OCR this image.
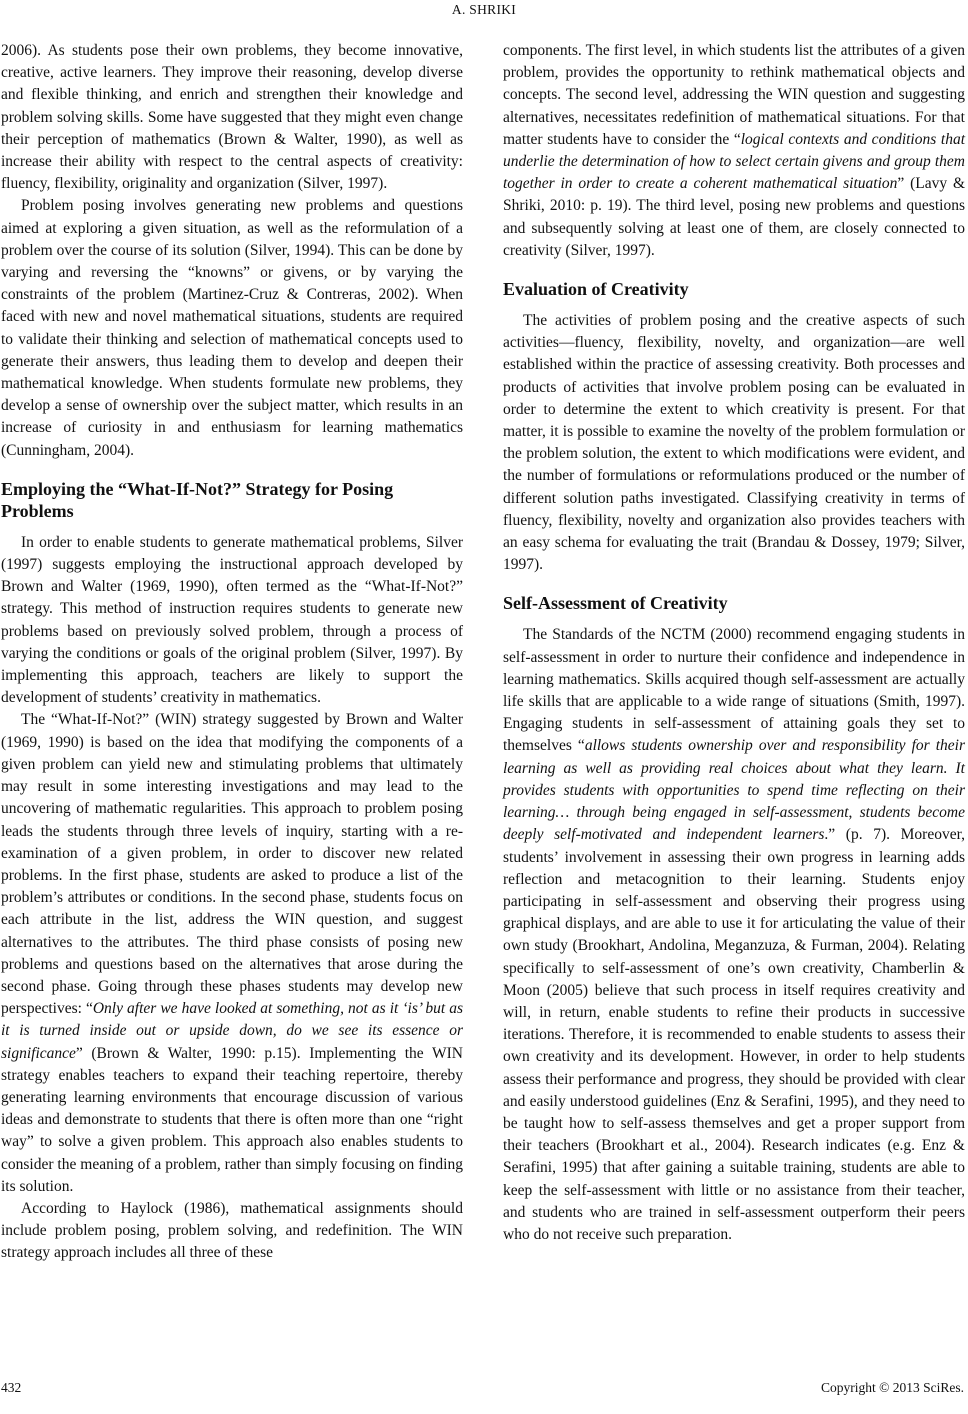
A. SHRIKI

2006). As students pose their own problems, they become innovative, creative, active learners. They improve their reasoning, develop diverse and flexible thinking, and enrich and strengthen their knowledge and problem solving skills. Some have suggested that they might even change their perception of mathematics (Brown & Walter, 1990), as well as increase their ability with respect to the central aspects of creativity: fluency, flexibility, originality and organization (Silver, 1997).

Problem posing involves generating new problems and questions aimed at exploring a given situation, as well as the reformulation of a problem over the course of its solution (Silver, 1994). This can be done by varying and reversing the “knowns” or givens, or by varying the constraints of the problem (Martinez-Cruz & Contreras, 2002). When faced with new and novel mathematical situations, students are required to validate their thinking and selection of mathematical concepts used to generate their answers, thus leading them to develop and deepen their mathematical knowledge. When students formulate new problems, they develop a sense of ownership over the subject matter, which results in an increase of curiosity in and enthusiasm for learning mathematics (Cunningham, 2004).

Employing the “What-If-Not?” Strategy for Posing Problems

In order to enable students to generate mathematical problems, Silver (1997) suggests employing the instructional approach developed by Brown and Walter (1969, 1990), often termed as the “What-If-Not?” strategy. This method of instruction requires students to generate new problems based on previously solved problem, through a process of varying the conditions or goals of the original problem (Silver, 1997). By implementing this approach, teachers are likely to support the development of students’ creativity in mathematics.

The “What-If-Not?” (WIN) strategy suggested by Brown and Walter (1969, 1990) is based on the idea that modifying the components of a given problem can yield new and stimulating problems that ultimately may result in some interesting investigations and may lead to the uncovering of mathematic regularities. This approach to problem posing leads the students through three levels of inquiry, starting with a re-examination of a given problem, in order to discover new related problems. In the first phase, students are asked to produce a list of the problem’s attributes or conditions. In the second phase, students focus on each attribute in the list, address the WIN question, and suggest alternatives to the attributes. The third phase consists of posing new problems and questions based on the alternatives that arose during the second phase. Going through these phases students may develop new perspectives: “Only after we have looked at something, not as it ‘is’ but as it is turned inside out or upside down, do we see its essence or significance” (Brown & Walter, 1990: p.15). Implementing the WIN strategy enables teachers to expand their teaching repertoire, thereby generating learning environments that encourage discussion of various ideas and demonstrate to students that there is often more than one “right way” to solve a given problem. This approach also enables students to consider the meaning of a problem, rather than simply focusing on finding its solution.

According to Haylock (1986), mathematical assignments should include problem posing, problem solving, and redefinition. The WIN strategy approach includes all three of these

components. The first level, in which students list the attributes of a given problem, provides the opportunity to rethink mathematical objects and concepts. The second level, addressing the WIN question and suggesting alternatives, necessitates redefinition of mathematical situations. For that matter students have to consider the “logical contexts and conditions that underlie the determination of how to select certain givens and group them together in order to create a coherent mathematical situation” (Lavy & Shriki, 2010: p. 19). The third level, posing new problems and questions and subsequently solving at least one of them, are closely connected to creativity (Silver, 1997).

Evaluation of Creativity

The activities of problem posing and the creative aspects of such activities—fluency, flexibility, novelty, and organization—are well established within the practice of assessing creativity. Both processes and products of activities that involve problem posing can be evaluated in order to determine the extent to which creativity is present. For that matter, it is possible to examine the novelty of the problem formulation or the problem solution, the extent to which modifications were evident, and the number of formulations or reformulations produced or the number of different solution paths investigated. Classifying creativity in terms of fluency, flexibility, novelty and organization also provides teachers with an easy schema for evaluating the trait (Brandau & Dossey, 1979; Silver, 1997).

Self-Assessment of Creativity

The Standards of the NCTM (2000) recommend engaging students in self-assessment in order to nurture their confidence and independence in learning mathematics. Skills acquired though self-assessment are actually life skills that are applicable to a wide range of situations (Smith, 1997). Engaging students in self-assessment of attaining goals they set to themselves “allows students ownership over and responsibility for their learning as well as providing real choices about what they learn. It provides students with opportunities to spend time reflecting on their learning… through being engaged in self-assessment, students become deeply self-motivated and independent learners.” (p. 7). Moreover, students’ involvement in assessing their own progress in learning adds reflection and metacognition to their learning. Students enjoy participating in self-assessment and observing their progress using graphical displays, and are able to use it for articulating the value of their own study (Brookhart, Andolina, Meganzuza, & Furman, 2004). Relating specifically to self-assessment of one’s own creativity, Chamberlin & Moon (2005) believe that such process in itself requires creativity and will, in return, enable students to refine their products in successive iterations. Therefore, it is recommended to enable students to assess their own creativity and its development. However, in order to help students assess their performance and progress, they should be provided with clear and easily understood guidelines (Enz & Serafini, 1995), and they need to be taught how to self-assess themselves and get a proper support from their teachers (Brookhart et al., 2004). Research indicates (e.g. Enz & Serafini, 1995) that after gaining a suitable training, students are able to keep the self-assessment with little or no assistance from their teacher, and students who are trained in self-assessment outperform their peers who do not receive such preparation.

432	Copyright © 2013 SciRes.
